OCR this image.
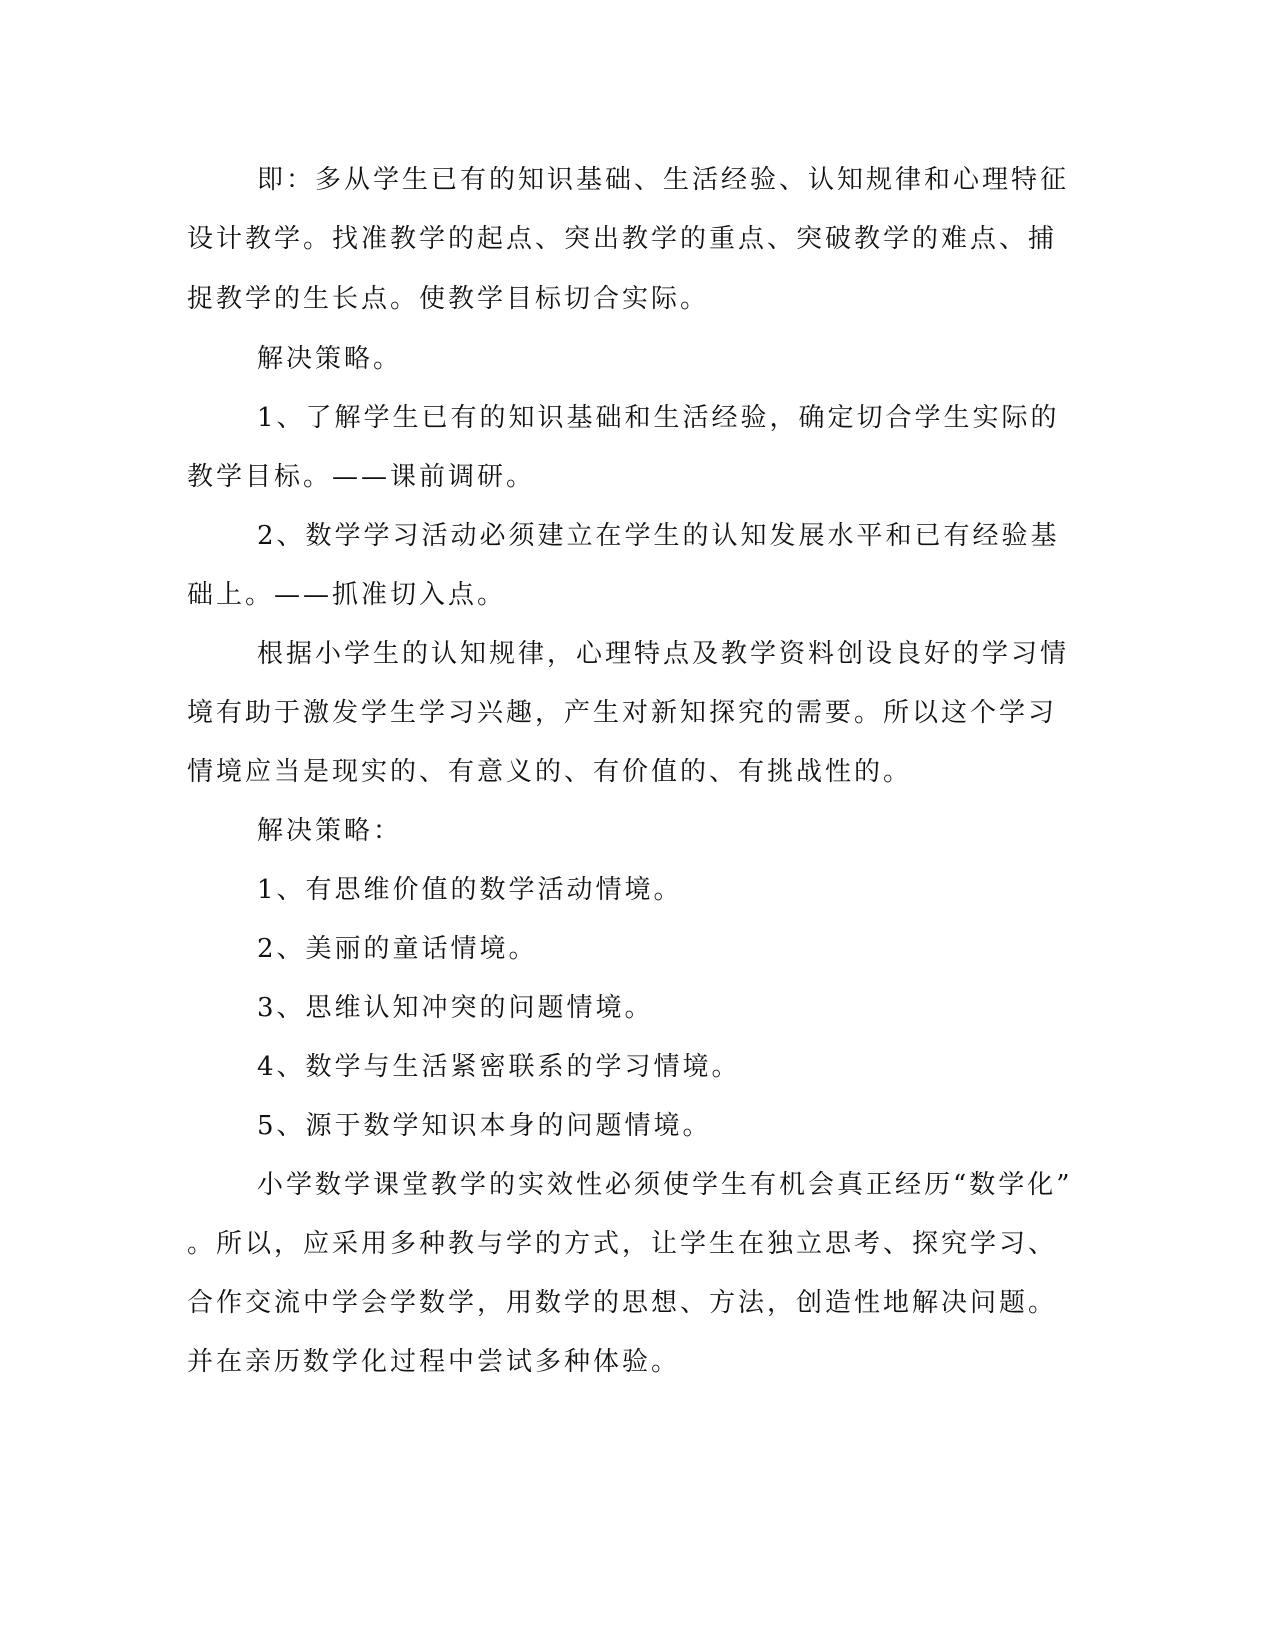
即：多从学生已有的知识基础、生活经验、认知规律和心理特征
设计教学。找准教学的起点、突出教学的重点、突破教学的难点、捕
捉教学的生长点。使教学目标切合实际。
解决策略。
1、了解学生已有的知识基础和生活经验，确定切合学生实际的
教学目标。——课前调研。
2、数学学习活动必须建立在学生的认知发展水平和已有经验基
础上。——抓准切入点。
根据小学生的认知规律，心理特点及教学资料创设良好的学习情
境有助于激发学生学习兴趣，产生对新知探究的需要。所以这个学习
情境应当是现实的、有意义的、有价值的、有挑战性的。
解决策略：
1、有思维价值的数学活动情境。
2、美丽的童话情境。
3、思维认知冲突的问题情境。
4、数学与生活紧密联系的学习情境。
5、源于数学知识本身的问题情境。
小学数学课堂教学的实效性必须使学生有机会真正经历“数学化”
。所以，应采用多种教与学的方式，让学生在独立思考、探究学习、
合作交流中学会学数学，用数学的思想、方法，创造性地解决问题。
并在亲历数学化过程中尝试多种体验。
